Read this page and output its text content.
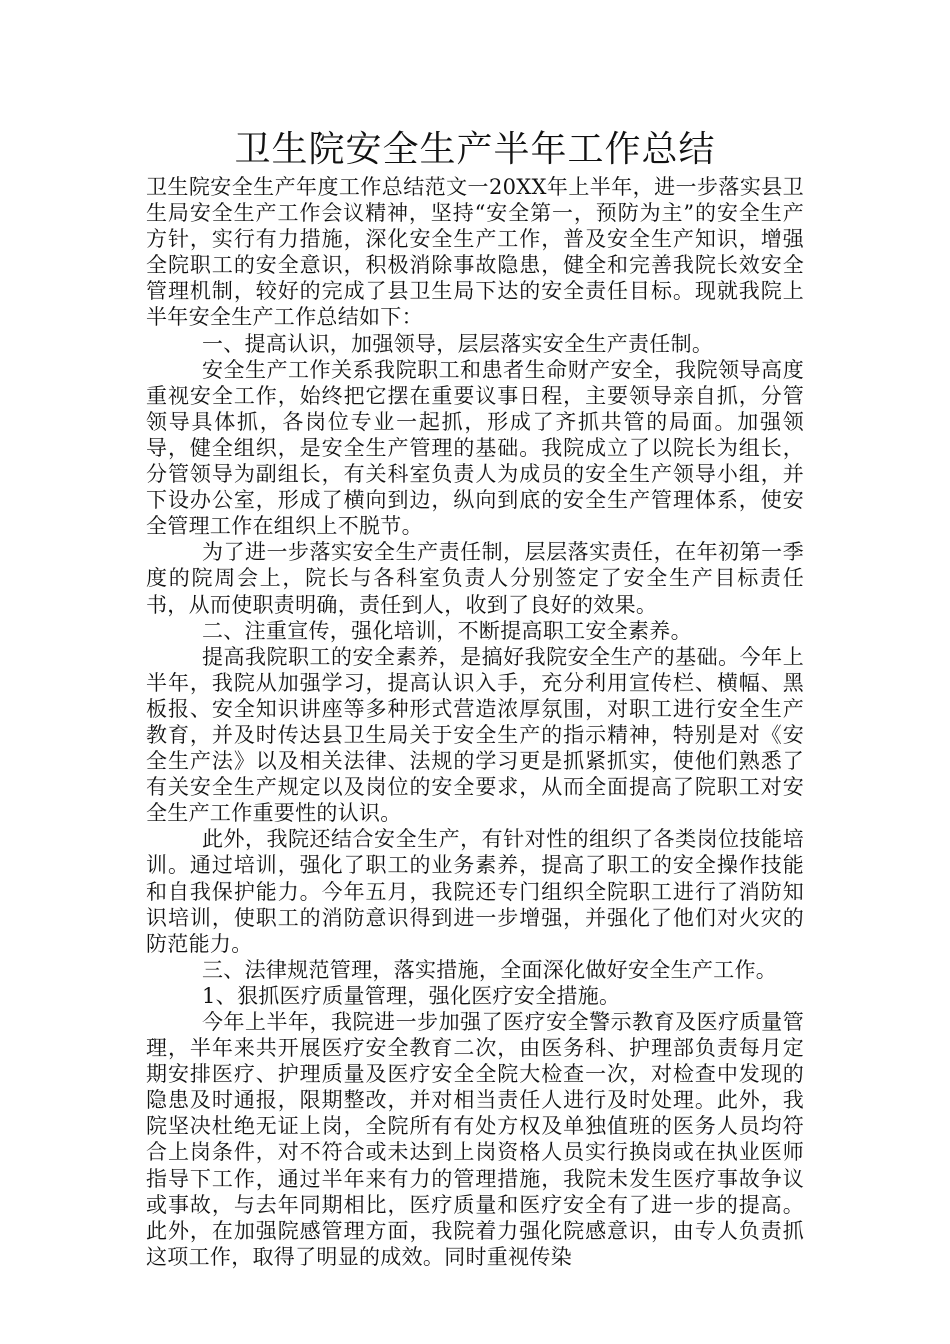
卫生院安全生产半年工作总结

卫生院安全生产年度工作总结范文一20XX年上半年，进一步落实县卫生局安全生产工作会议精神，坚持“安全第一，预防为主”的安全生产方针，实行有力措施，深化安全生产工作，普及安全生产知识，增强全院职工的安全意识，积极消除事故隐患，健全和完善我院长效安全管理机制，较好的完成了县卫生局下达的安全责任目标。现就我院上半年安全生产工作总结如下：

一、提高认识，加强领导，层层落实安全生产责任制。

安全生产工作关系我院职工和患者生命财产安全，我院领导高度重视安全工作，始终把它摆在重要议事日程，主要领导亲自抓，分管领导具体抓，各岗位专业一起抓，形成了齐抓共管的局面。加强领导，健全组织，是安全生产管理的基础。我院成立了以院长为组长，分管领导为副组长，有关科室负责人为成员的安全生产领导小组，并下设办公室，形成了横向到边，纵向到底的安全生产管理体系，使安全管理工作在组织上不脱节。

为了进一步落实安全生产责任制，层层落实责任，在年初第一季度的院周会上，院长与各科室负责人分别签定了安全生产目标责任书，从而使职责明确，责任到人，收到了良好的效果。

二、注重宣传，强化培训，不断提高职工安全素养。

提高我院职工的安全素养，是搞好我院安全生产的基础。今年上半年，我院从加强学习，提高认识入手，充分利用宣传栏、横幅、黑板报、安全知识讲座等多种形式营造浓厚氛围，对职工进行安全生产教育，并及时传达县卫生局关于安全生产的指示精神，特别是对《安全生产法》以及相关法律、法规的学习更是抓紧抓实，使他们熟悉了有关安全生产规定以及岗位的安全要求，从而全面提高了院职工对安全生产工作重要性的认识。

此外，我院还结合安全生产，有针对性的组织了各类岗位技能培训。通过培训，强化了职工的业务素养，提高了职工的安全操作技能和自我保护能力。今年五月，我院还专门组织全院职工进行了消防知识培训，使职工的消防意识得到进一步增强，并强化了他们对火灾的防范能力。

三、法律规范管理，落实措施，全面深化做好安全生产工作。

1、狠抓医疗质量管理，强化医疗安全措施。

今年上半年，我院进一步加强了医疗安全警示教育及医疗质量管理，半年来共开展医疗安全教育二次，由医务科、护理部负责每月定期安排医疗、护理质量及医疗安全全院大检查一次，对检查中发现的隐患及时通报，限期整改，并对相当责任人进行及时处理。此外，我院坚决杜绝无证上岗，全院所有有处方权及单独值班的医务人员均符合上岗条件，对不符合或未达到上岗资格人员实行换岗或在执业医师指导下工作，通过半年来有力的管理措施，我院未发生医疗事故争议或事故，与去年同期相比，医疗质量和医疗安全有了进一步的提高。此外，在加强院感管理方面，我院着力强化院感意识，由专人负责抓这项工作，取得了明显的成效。同时重视传染
